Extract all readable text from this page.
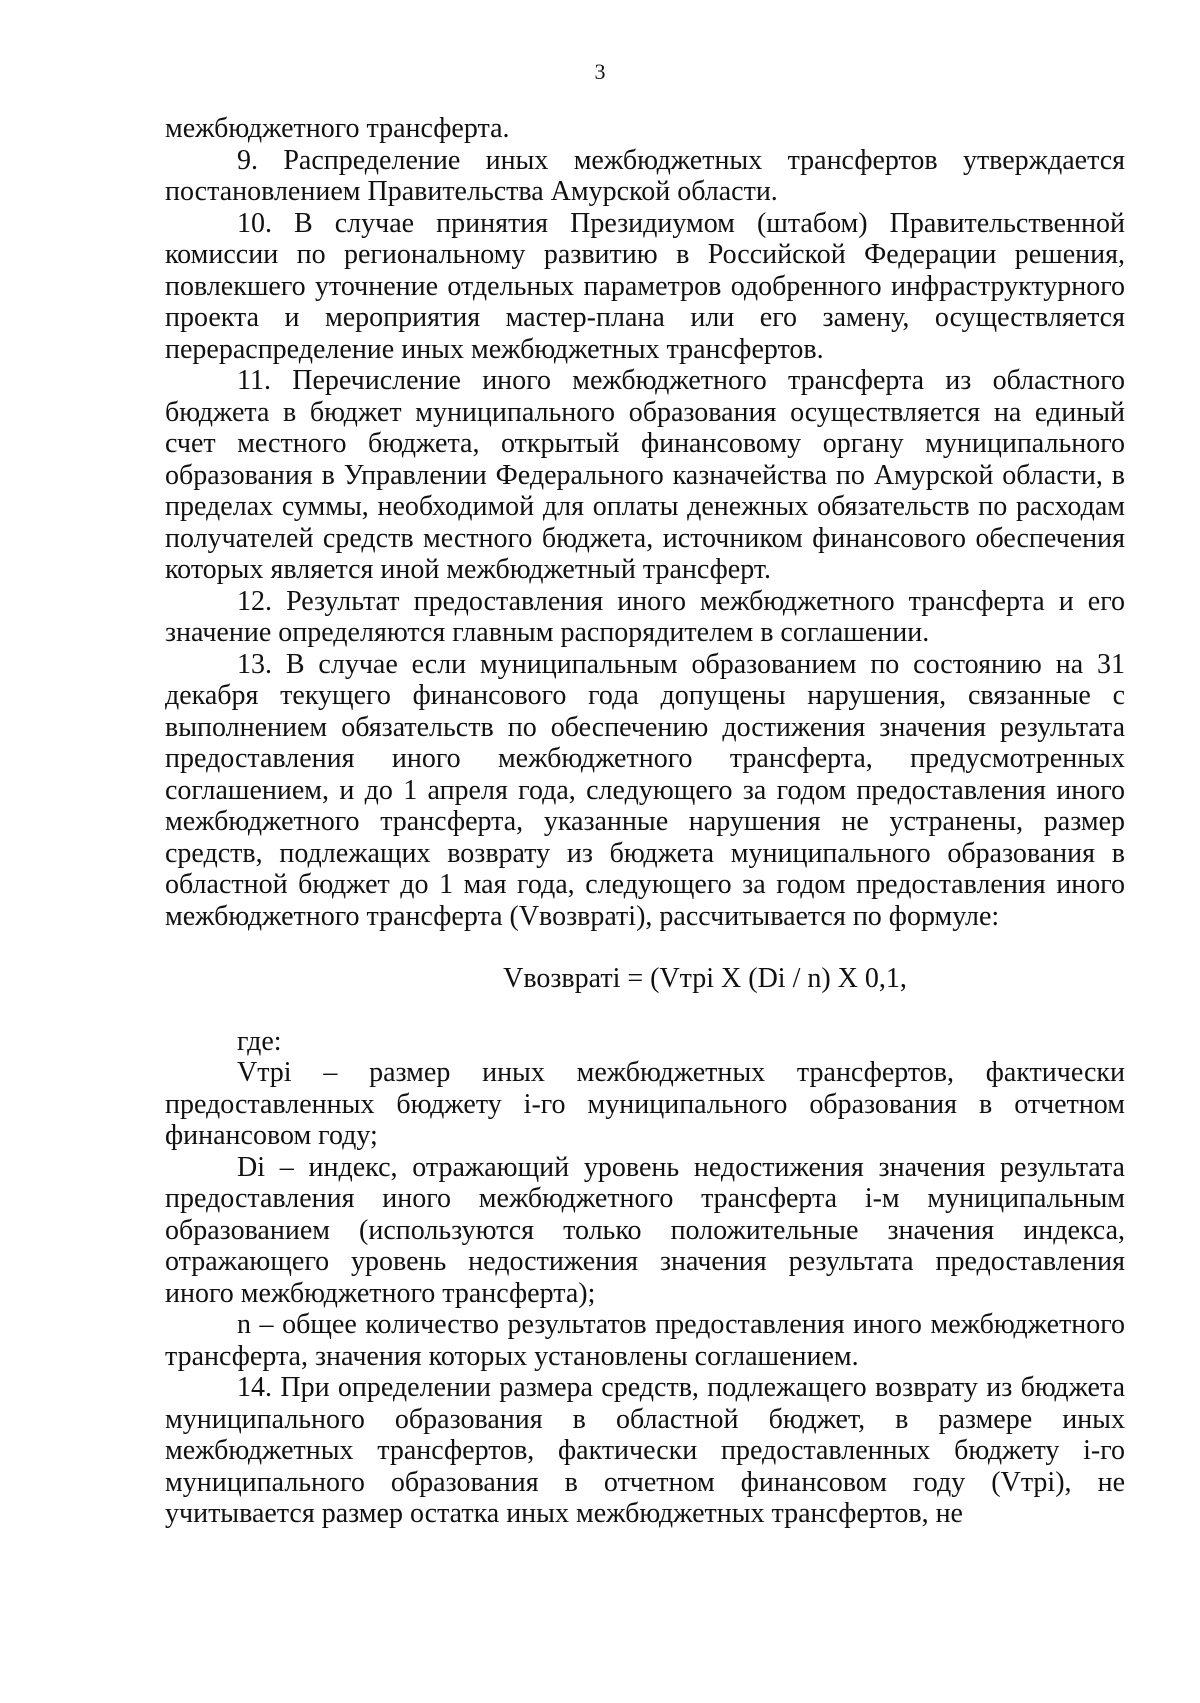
3

межбюджетного трансферта.

9. Распределение иных межбюджетных трансфертов утверждается постановлением Правительства Амурской области.

10. В случае принятия Президиумом (штабом) Правительственной комиссии по региональному развитию в Российской Федерации решения, повлекшего уточнение отдельных параметров одобренного инфраструктурного проекта и мероприятия мастер-плана или его замену, осуществляется перераспределение иных межбюджетных трансфертов.

11. Перечисление иного межбюджетного трансферта из областного бюджета в бюджет муниципального образования осуществляется на единый счет местного бюджета, открытый финансовому органу муниципального образования в Управлении Федерального казначейства по Амурской области, в пределах суммы, необходимой для оплаты денежных обязательств по расходам получателей средств местного бюджета, источником финансового обеспечения которых является иной межбюджетный трансферт.

12. Результат предоставления иного межбюджетного трансферта и его значение определяются главным распорядителем в соглашении.

13. В случае если муниципальным образованием по состоянию на 31 декабря текущего финансового года допущены нарушения, связанные с выполнением обязательств по обеспечению достижения значения результата предоставления иного межбюджетного трансферта, предусмотренных соглашением, и до 1 апреля года, следующего за годом предоставления иного межбюджетного трансферта, указанные нарушения не устранены, размер средств, подлежащих возврату из бюджета муниципального образования в областной бюджет до 1 мая года, следующего за годом предоставления иного межбюджетного трансферта (Vвозвратi), рассчитывается по формуле:

Vвозвратi = (Vтрi X (Di / n) X 0,1,

где:

Vтрi – размер иных межбюджетных трансфертов, фактически предоставленных бюджету i-го муниципального образования в отчетном финансовом году;

Di – индекс, отражающий уровень недостижения значения результата предоставления иного межбюджетного трансферта i-м муниципальным образованием (используются только положительные значения индекса, отражающего уровень недостижения значения результата предоставления иного межбюджетного трансферта);

n – общее количество результатов предоставления иного межбюджетного трансферта, значения которых установлены соглашением.

14. При определении размера средств, подлежащего возврату из бюджета муниципального образования в областной бюджет, в размере иных межбюджетных трансфертов, фактически предоставленных бюджету i-го муниципального образования в отчетном финансовом году (Vтрi), не учитывается размер остатка иных межбюджетных трансфертов, не
